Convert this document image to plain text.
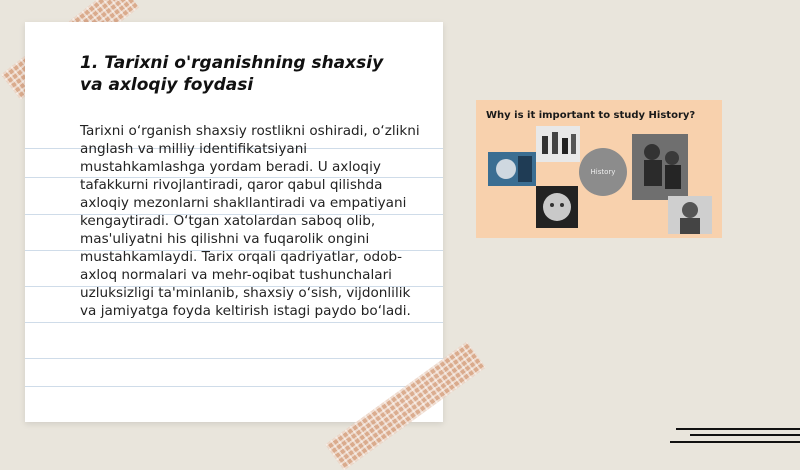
1. Tarixni o'rganishning shaxsiy va axloqiy foydasi

Tarixni o‘rganish shaxsiy rostlikni oshiradi, o‘zlikni anglash va milliy identifikatsiyani mustahkamlashga yordam beradi. U axloqiy tafakkurni rivojlantiradi, qaror qabul qilishda axloqiy mezonlarni shakllantiradi va empatiyani kengaytiradi. O‘tgan xatolardan saboq olib, mas'uliyatni his qilishni va fuqarolik ongini mustahkamlaydi. Tarix orqali qadriyatlar, odob-axloq normalari va mehr-oqibat tushunchalari uzluksizligi ta'minlanib, shaxsiy o‘sish, vijdonlilik va jamiyatga foyda keltirish istagi paydo bo‘ladi.

Why is it important to study History?
History
